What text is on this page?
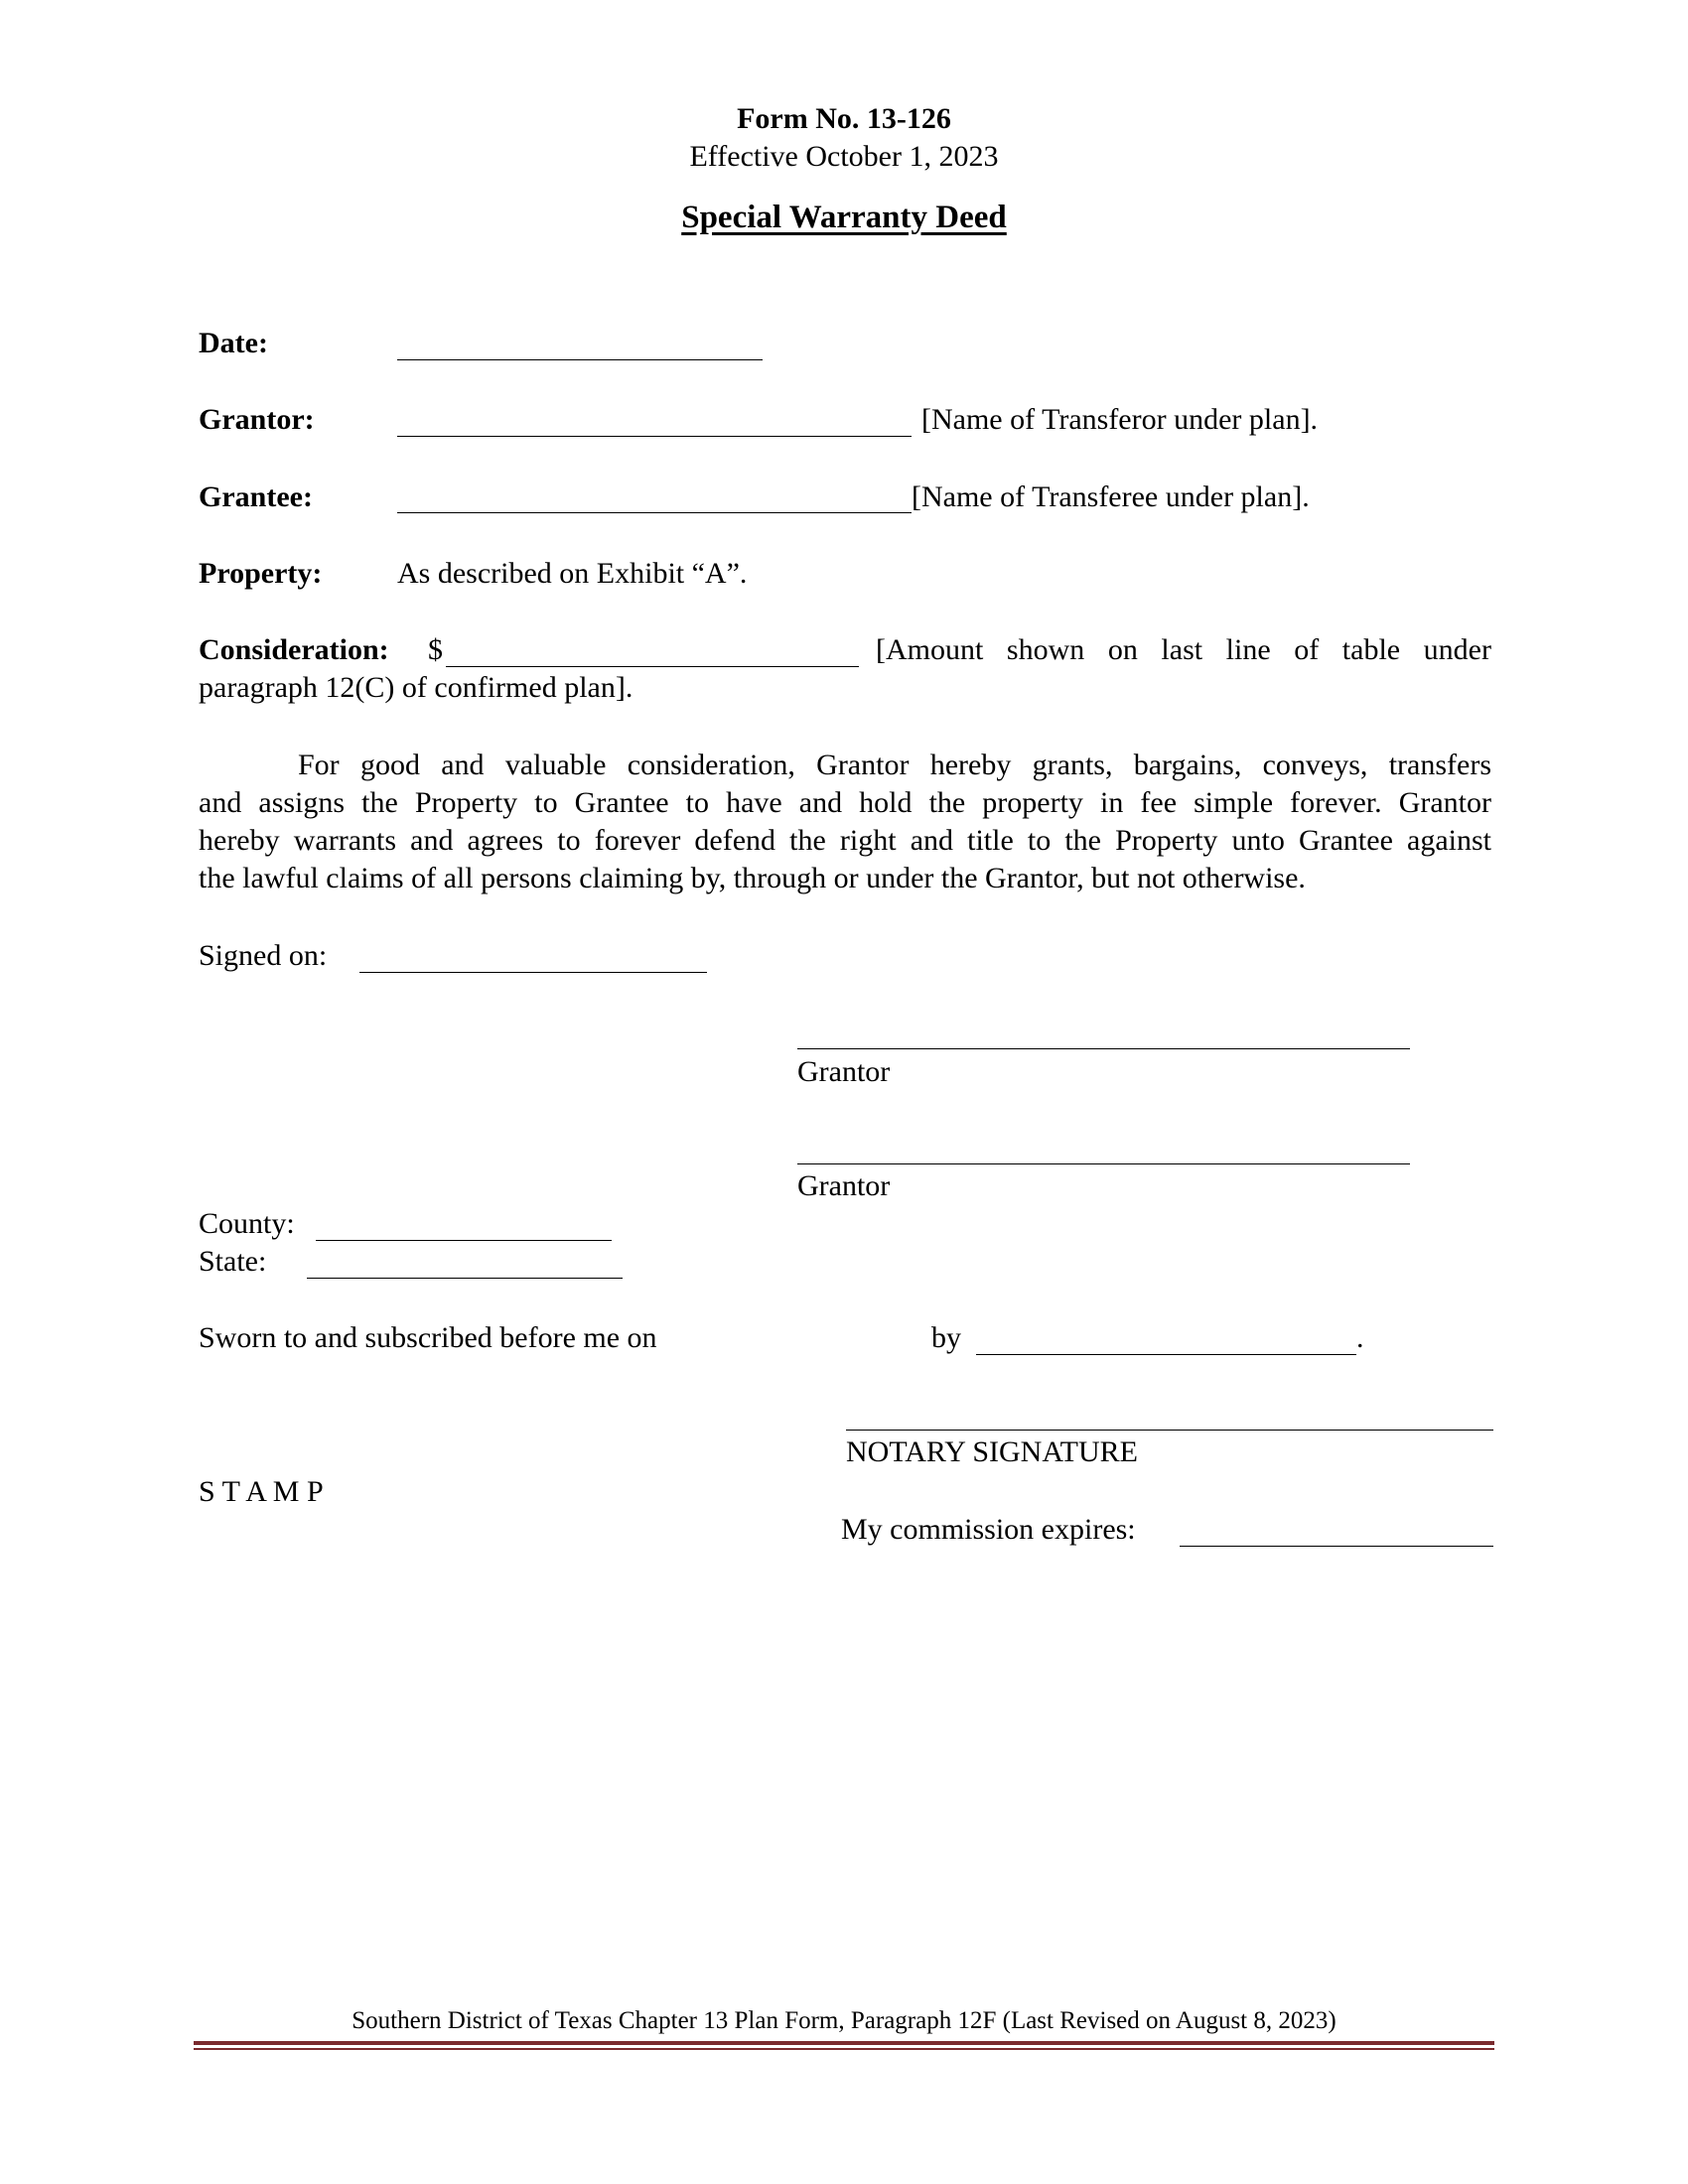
Form No. 13-126
Effective October 1, 2023
Special Warranty Deed
Date:
Grantor:	[Name of Transferor under plan].
Grantee:	[Name of Transferee under plan].
Property:	As described on Exhibit “A”.
Consideration: $	[Amount shown on last line of table under
paragraph 12(C) of confirmed plan].
For good and valuable consideration, Grantor hereby grants, bargains, conveys, transfers
and assigns the Property to Grantee to have and hold the property in fee simple forever. Grantor
hereby warrants and agrees to forever defend the right and title to the Property unto Grantee against
the lawful claims of all persons claiming by, through or under the Grantor, but not otherwise.
Signed on:
Grantor
Grantor
County:
State:
Sworn to and subscribed before me on	by	.
NOTARY SIGNATURE
S T A M P
My commission expires:
Southern District of Texas Chapter 13 Plan Form, Paragraph 12F (Last Revised on August 8, 2023)
